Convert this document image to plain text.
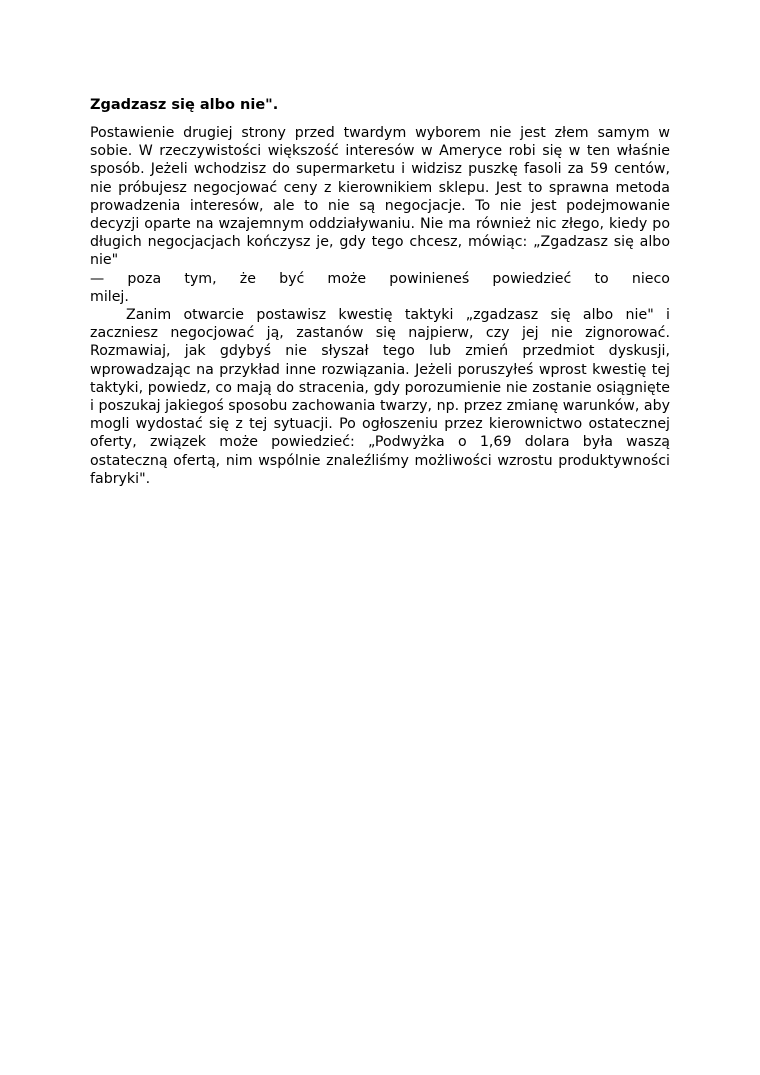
Zgadzasz się albo nie".

Postawienie drugiej strony przed twardym wyborem nie jest złem samym w sobie. W rzeczywistości większość interesów w Ameryce robi się w ten właśnie sposób. Jeżeli wchodzisz do supermarketu i widzisz puszkę fasoli za 59 centów, nie próbujesz negocjować ceny z kierownikiem sklepu. Jest to sprawna metoda prowadzenia interesów, ale to nie są negocjacje. To nie jest podejmowanie decyzji oparte na wzajemnym oddziaływaniu. Nie ma również nic złego, kiedy po długich negocjacjach kończysz je, gdy tego chcesz, mówiąc: „Zgadzasz się albo nie"

— poza tym, że być może powinieneś powiedzieć to nieco
milej.

Zanim otwarcie postawisz kwestię taktyki „zgadzasz się albo nie" i zaczniesz negocjować ją, zastanów się najpierw, czy jej nie zignorować. Rozmawiaj, jak gdybyś nie słyszał tego lub zmień przedmiot dyskusji, wprowadzając na przykład inne rozwiązania. Jeżeli poruszyłeś wprost kwestię tej taktyki, powiedz, co mają do stracenia, gdy porozumienie nie zostanie osiągnięte i poszukaj jakiegoś sposobu zachowania twarzy, np. przez zmianę warunków, aby mogli wydostać się z tej sytuacji. Po ogłoszeniu przez kierownictwo ostatecznej oferty, związek może powiedzieć: „Podwyżka o 1,69 dolara była waszą ostateczną ofertą, nim wspólnie znaleźliśmy możliwości wzrostu produktywności fabryki".
